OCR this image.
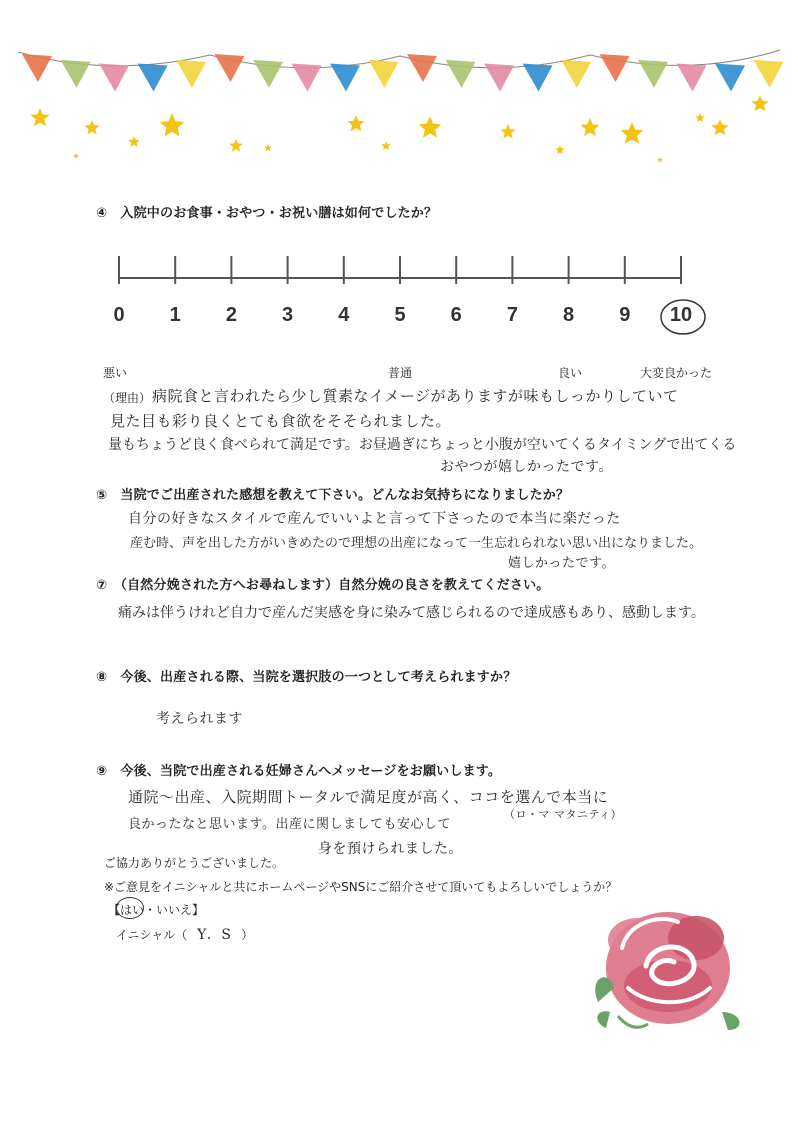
④　入院中のお食事・おやつ・お祝い膳は如何でしたか？
0	1	2	3	4	5	6	7	8	9	10
悪い	普通	良い	大変良かった
（理由） 病院食と言われたら少し質素なイメージがありますが味もしっかりしていて
見た目も彩り良くとても食欲をそそられました。
量もちょうど良く食べられて満足です。お昼過ぎにちょっと小腹が空いてくるタイミングで出てくる
おやつが嬉しかったです。
⑤　当院でご出産された感想を教えて下さい。どんなお気持ちになりましたか？
自分の好きなスタイルで産んでいいよと言って下さったので本当に楽だった
産む時、声を出した方がいきめたので理想の出産になって一生忘れられない思い出になりました。
嬉しかったです。
⑦　（自然分娩された方へお尋ねします）自然分娩の良さを教えてください。
痛みは伴うけれど自力で産んだ実感を身に染みて感じられるので達成感もあり、感動します。
⑧　今後、出産される際、当院を選択肢の一つとして考えられますか？
考えられます
⑨　今後、当院で出産される妊婦さんへメッセージをお願いします。
通院～出産、入院期間トータルで満足度が高く、ココを選んで本当に
（ロ・マ マタニティ）
良かったなと思います。出産に関しましても安心して
身を預けられました。
ご協力ありがとうございました。
※ご意見をイニシャルと共にホームページやSNSにご紹介させて頂いてもよろしいでしょうか？
【はい・いいえ】
イニシャル（ Y．S ）
